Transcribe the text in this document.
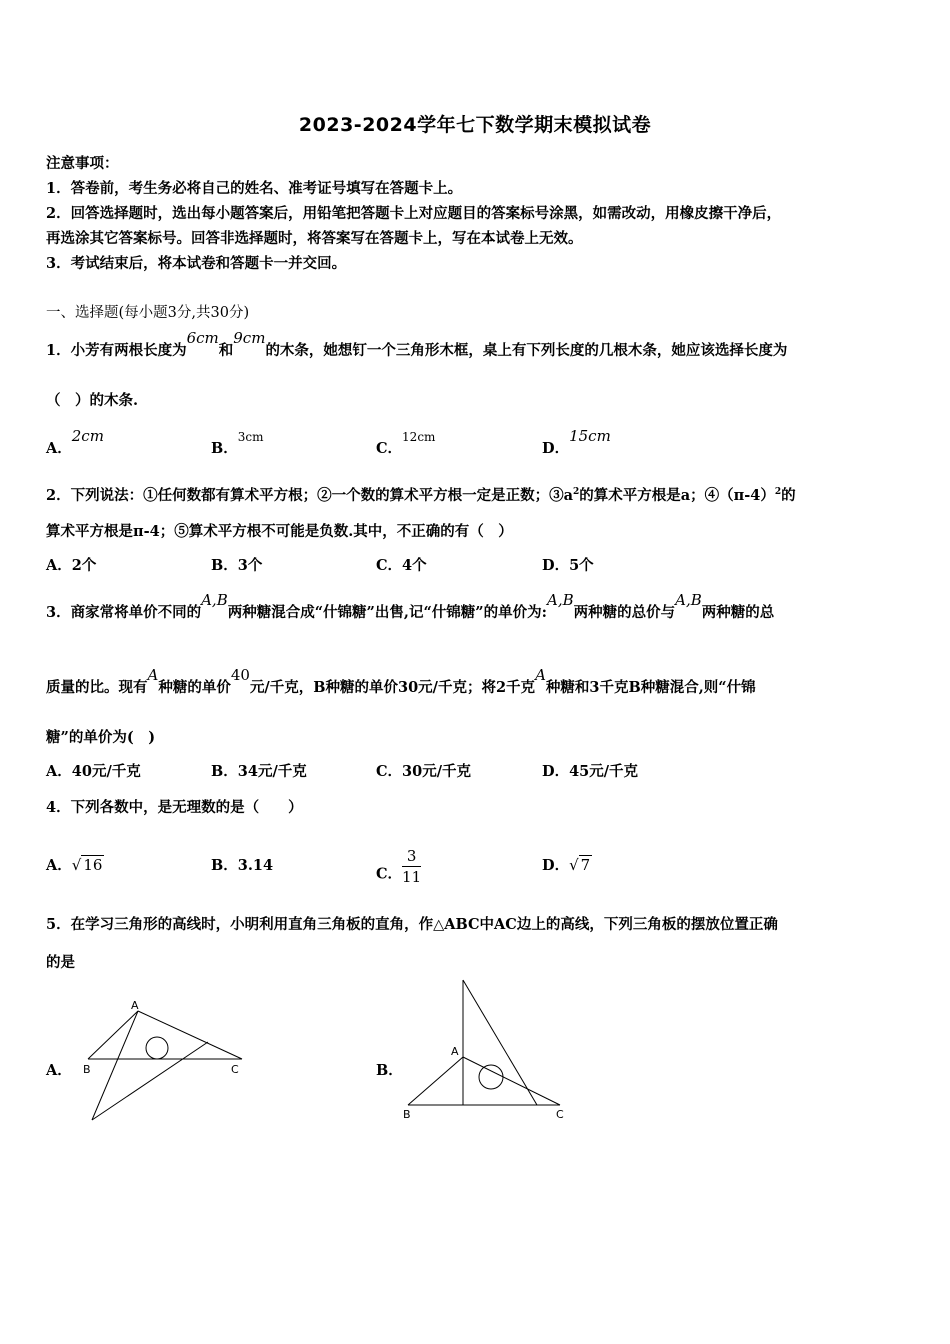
2023-2024学年七下数学期末模拟试卷
注意事项：
1．答卷前，考生务必将自己的姓名、准考证号填写在答题卡上。
2．回答选择题时，选出每小题答案后，用铅笔把答题卡上对应题目的答案标号涂黑，如需改动，用橡皮擦干净后，
再选涂其它答案标号。回答非选择题时，将答案写在答题卡上，写在本试卷上无效。
3．考试结束后，将本试卷和答题卡一并交回。
一、选择题(每小题3分,共30分)
1．小芳有两根长度为6cm和9cm的木条，她想钉一个三角形木框，桌上有下列长度的几根木条，她应该选择长度为
（　）的木条.
A．2cm
B．$^{3cm}$
C．$^{12cm}$
D．15cm
2．下列说法：①任何数都有算术平方根；②一个数的算术平方根一定是正数；$③a^2$的算术平方根是a；$④(\pi-4)^2$的
算术平方根是π-4；⑤算术平方根不可能是负数.其中，不正确的有（　）
A．2个	B．3个	C．4个	D．5个
3．商家常将单价不同的A,B两种糖混合成“什锦糖”出售,记“什锦糖”的单价为:A,B两种糖的总价与A,B两种糖的总
质量的比。现有A种糖的单价40元/千克，B种糖的单价30元/千克；将2千克A种糖和3千克B种糖混合,则“什锦
糖”的单价为(　)
A．40元/千克	B．34元/千克	C．30元/千克	D．45元/千克
4．下列各数中，是无理数的是（　　）
A．√ 16	B．3.14	C． $\frac{3}{11}$	D．√ 7
5．在学习三角形的高线时，小明利用直角三角板的直角，作△ABC中AC边上的高线，下列三角板的摆放位置正确
的是
A．
A
B	C	B．
A
B	C
